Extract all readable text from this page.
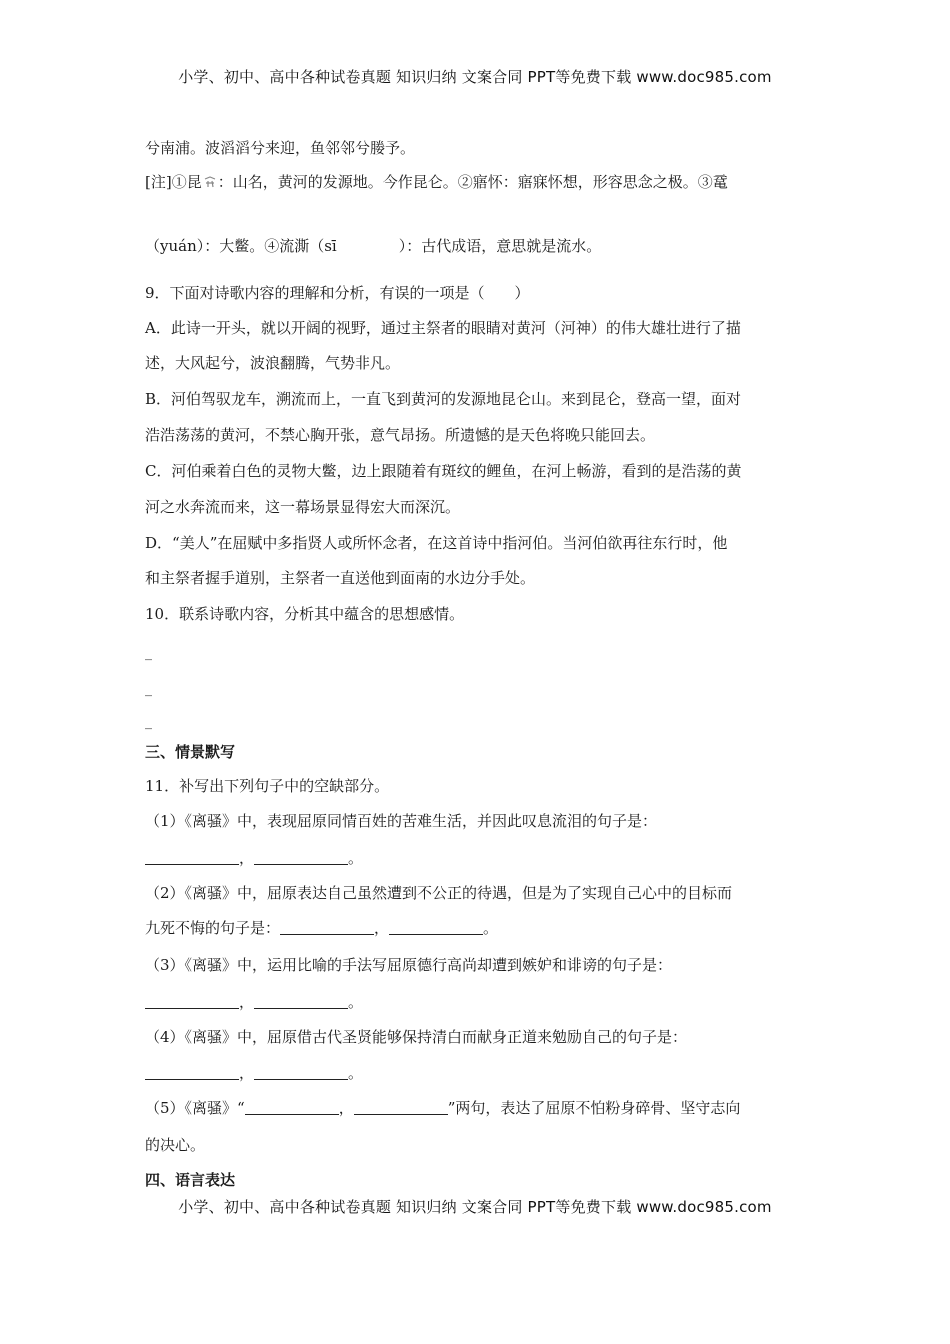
小学、初中、高中各种试卷真题 知识归纳 文案合同 PPT等免费下载 www.doc985.com
兮南浦。波滔滔兮来迎，鱼邻邻兮媵予。
[注]①昆 ：山名，黄河的发源地。今作昆仑。②寤怀：寤寐怀想，形容思念之极。③鼋
（yuán）：大鳖。④流澌（sī	）：古代成语，意思就是流水。
9．下面对诗歌内容的理解和分析，有误的一项是（　　）
A．此诗一开头，就以开阔的视野，通过主祭者的眼睛对黄河（河神）的伟大雄壮进行了描
述，大风起兮，波浪翻腾，气势非凡。
B．河伯驾驭龙车，溯流而上，一直飞到黄河的发源地昆仑山。来到昆仑，登高一望，面对
浩浩荡荡的黄河，不禁心胸开张，意气昂扬。所遗憾的是天色将晚只能回去。
C．河伯乘着白色的灵物大鳖，边上跟随着有斑纹的鲤鱼，在河上畅游，看到的是浩荡的黄
河之水奔流而来，这一幕场景显得宏大而深沉。
D．“美人”在屈赋中多指贤人或所怀念者，在这首诗中指河伯。当河伯欲再往东行时，他
和主祭者握手道别，主祭者一直送他到面南的水边分手处。
10．联系诗歌内容，分析其中蕴含的思想感情。
_
_
_
三、情景默写
11．补写出下列句子中的空缺部分。
（1）《离骚》中，表现屈原同情百姓的苦难生活，并因此叹息流泪的句子是：
，	。
（2）《离骚》中，屈原表达自己虽然遭到不公正的待遇，但是为了实现自己心中的目标而
九死不悔的句子是：	，	。
（3）《离骚》中，运用比喻的手法写屈原德行高尚却遭到嫉妒和诽谤的句子是：
，	。
（4）《离骚》中，屈原借古代圣贤能够保持清白而献身正道来勉励自己的句子是：
，	。
（5）《离骚》“	，	”两句，表达了屈原不怕粉身碎骨、坚守志向
的决心。
四、语言表达
小学、初中、高中各种试卷真题 知识归纳 文案合同 PPT等免费下载 www.doc985.com
